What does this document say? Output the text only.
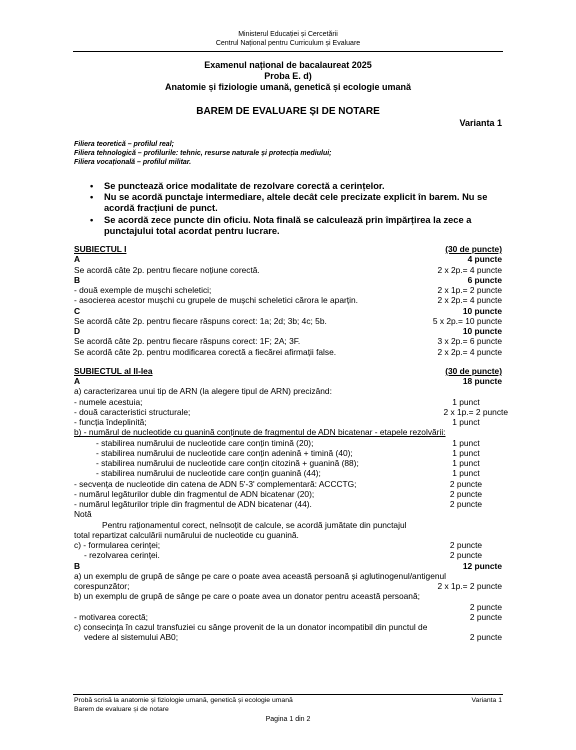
Ministerul Educației și Cercetării
Centrul Național pentru Curriculum și Evaluare
Examenul național de bacalaureat 2025
Proba E. d)
Anatomie și fiziologie umană, genetică și ecologie umană
BAREM DE EVALUARE ȘI DE NOTARE
Varianta 1
Filiera teoretică – profilul real;
Filiera tehnologică – profilurile: tehnic, resurse naturale și protecția mediului;
Filiera vocațională – profilul militar.
• Se punctează orice modalitate de rezolvare corectă a cerințelor.
• Nu se acordă punctaje intermediare, altele decât cele precizate explicit în barem. Nu se acordă fracțiuni de punct.
• Se acordă zece puncte din oficiu. Nota finală se calculează prin împărțirea la zece a punctajului total acordat pentru lucrare.
SUBIECTUL I	(30 de puncte)
A	4 puncte
Se acordă câte 2p. pentru fiecare noțiune corectă.	2 x 2p.= 4 puncte
B	6 puncte
- două exemple de mușchi scheletici;	2 x 1p.= 2 puncte
- asocierea acestor mușchi cu grupele de mușchi scheletici cărora le aparțin.	2 x 2p.= 4 puncte
C	10 puncte
Se acordă câte 2p. pentru fiecare răspuns corect: 1a; 2d; 3b; 4c; 5b.	5 x 2p.= 10 puncte
D	10 puncte
Se acordă câte 2p. pentru fiecare răspuns corect: 1F; 2A; 3F.	3 x 2p.= 6 puncte
Se acordă câte 2p. pentru modificarea corectă a fiecărei afirmații false.	2 x 2p.= 4 puncte
SUBIECTUL al II-lea	(30 de puncte)
A	18 puncte
a) caracterizarea unui tip de ARN (la alegere tipul de ARN) precizând:
- numele acestuia;	1 punct
- două caracteristici structurale;	2 x 1p.= 2 puncte
- funcția îndeplinită;	1 punct
b) - numărul de nucleotide cu guanină conținute de fragmentul de ADN bicatenar - etapele rezolvării:
- stabilirea numărului de nucleotide care conțin timină (20);	1 punct
- stabilirea numărului de nucleotide care conțin adenină + timină (40);	1 punct
- stabilirea numărului de nucleotide care conțin citozină + guanină (88);	1 punct
- stabilirea numărului de nucleotide care conțin guanină (44);	1 punct
- secvența de nucleotide din catena de ADN 5'-3' complementară: ACCCTG;	2 puncte
- numărul legăturilor duble din fragmentul de ADN bicatenar (20);	2 puncte
- numărul legăturilor triple din fragmentul de ADN bicatenar (44).	2 puncte
Notă
Pentru raționamentul corect, neînsoțit de calcule, se acordă jumătate din punctajul
total repartizat calculării numărului de nucleotide cu guanină.
c) - formularea cerinței;	2 puncte
- rezolvarea cerinței.	2 puncte
B	12 puncte
a) un exemplu de grupă de sânge pe care o poate avea această persoană și aglutinogenul/antigenul
corespunzător;	2 x 1p.= 2 puncte
b) un exemplu de grupă de sânge pe care o poate avea un donator pentru această persoană;
2 puncte
- motivarea corectă;	2 puncte
c) consecința în cazul transfuziei cu sânge provenit de la un donator incompatibil din punctul de
vedere al sistemului AB0;	2 puncte
Probă scrisă la anatomie și fiziologie umană, genetică și ecologie umană	Varianta 1
Barem de evaluare și de notare
Pagina 1 din 2
